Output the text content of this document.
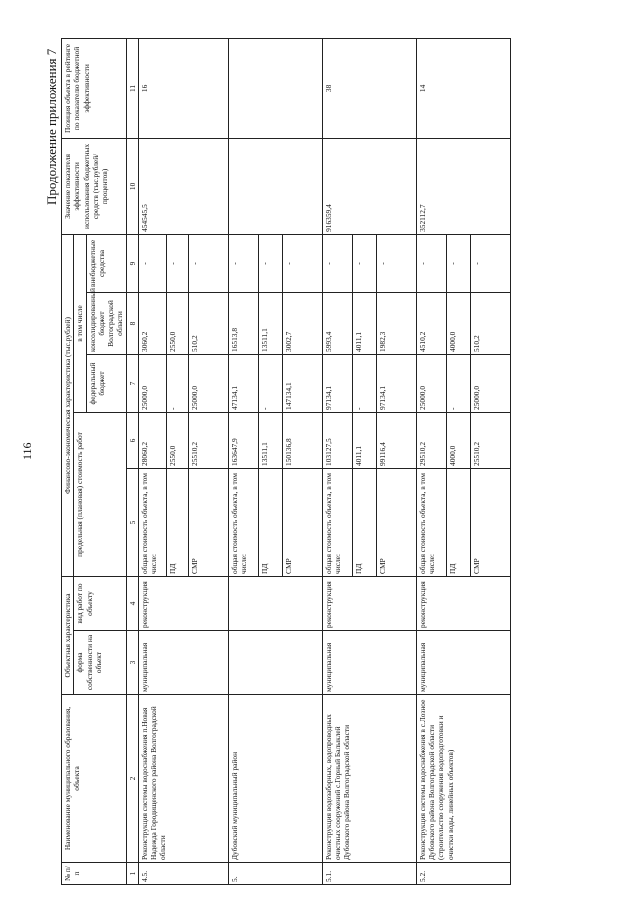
116
Продолжение приложения 7
№ п/п	Наименование муниципального образования, объекта	Объектная характеристика		Финансово-экономическая характеристика (тыс.рублей)					Значение показателя эффективности использования бюджетных средств (тыс.рублей/процентов)	Позиция объекта в рейтинге по показателю бюджетной эффективности
		форма собственности на объект	вид работ по объекту	предельная (плановая) стоимость работ		в том числе				
						федеральный бюджет	консолидированный бюджет Волгоградской области	внебюджетные средства		

1	2	3	4	5	6	7	8	9	10	11
4.5.	Реконструкция системы водоснабжения п.Новая Надежда Городищенского района Волгоградской области	муниципальная	реконструкция	общая стоимость объекта, в том числе:	28060,2	25000,0	3060,2	-	454545,5	16
				ПД	2550,0	-	2550,0	-		
				СМР	25510,2	25000,0	510,2	-		
5.	Дубовский муниципальный район			общая стоимость объекта, в том числе:	163647,9	47134,1	16513,8	-		
				ПД	13511,1	-	13511,1	-		
				СМР	150136,8	147134,1	3002,7	-		
5.1.	Реконструкция водозаборных, водопроводных очистных сооружений с.Горный Балыклей Дубовского района Волгоградской области	муниципальная	реконструкция	общая стоимость объекта, в том числе:	103127,5	97134,1	5993,4	-	916359,4	38
				ПД	4011,1	-	4011,1	-		
				СМР	99116,4	97134,1	1982,3	-		
5.2.	Реконструкция системы водоснабжения в с.Лозное Дубовского района Волгоградской области (строительство сооружения водоподготовки и очистки воды, линейных объектов)	муниципальная	реконструкция	общая стоимость объекта, в том числе:	29510,2	25000,0	4510,2	-	352112,7	14
				ПД	4000,0	-	4000,0	-		
				СМР	25510,2	25000,0	510,2	-		
